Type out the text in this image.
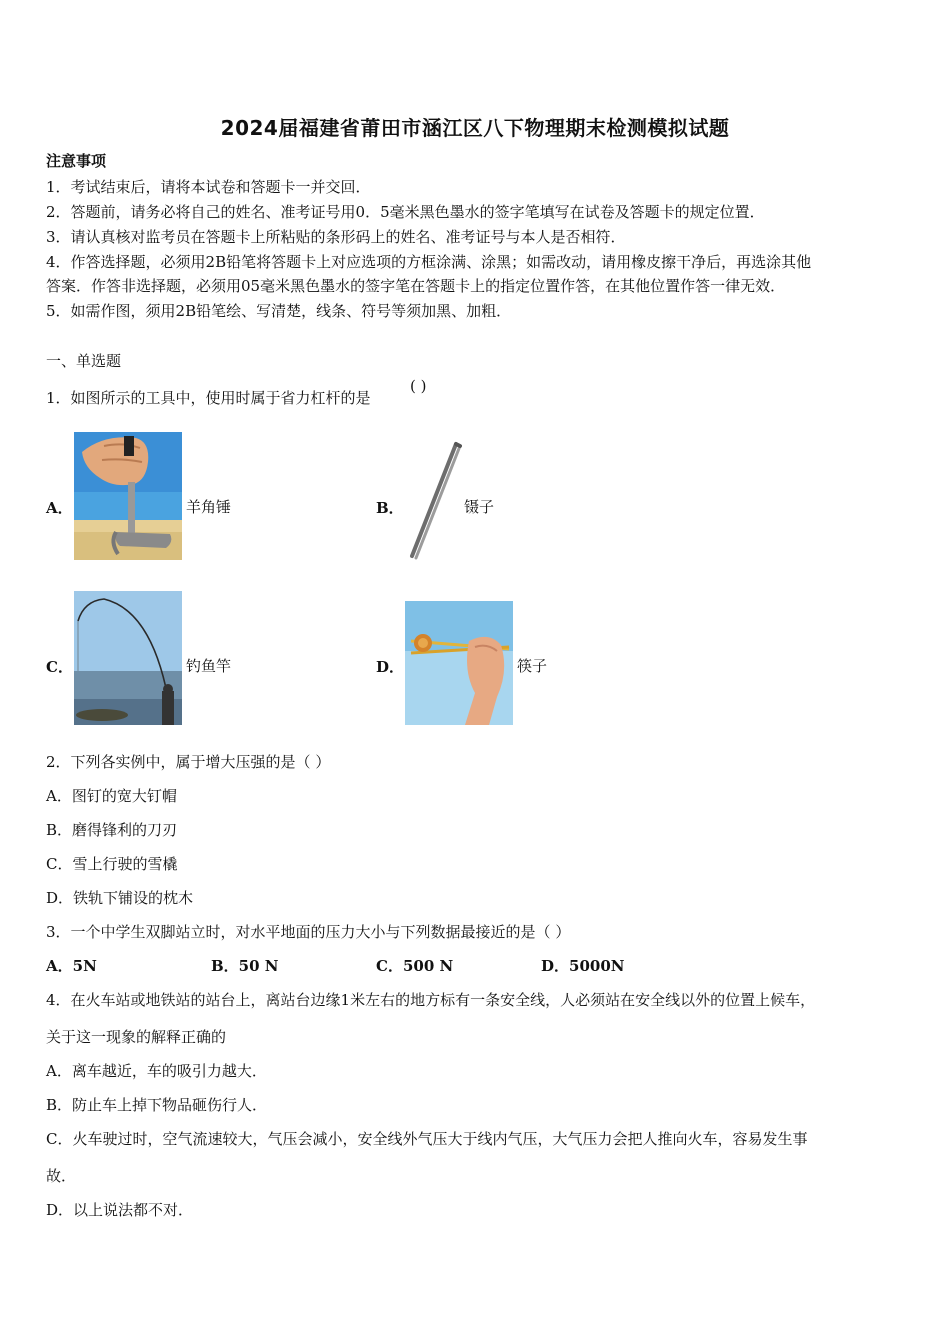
2024届福建省莆田市涵江区八下物理期末检测模拟试题
注意事项
1．考试结束后，请将本试卷和答题卡一并交回．
2．答题前，请务必将自己的姓名、准考证号用0．5毫米黑色墨水的签字笔填写在试卷及答题卡的规定位置．
3．请认真核对监考员在答题卡上所粘贴的条形码上的姓名、准考证号与本人是否相符．
4．作答选择题，必须用2B铅笔将答题卡上对应选项的方框涂满、涂黑；如需改动，请用橡皮擦干净后，再选涂其他
答案．作答非选择题，必须用05毫米黑色墨水的签字笔在答题卡上的指定位置作答，在其他位置作答一律无效．
5．如需作图，须用2B铅笔绘、写清楚，线条、符号等须加黑、加粗．
一、单选题
1．如图所示的工具中，使用时属于省力杠杆的是
( )
A．	羊角锤	B．	镊子
C．	钓鱼竿	D．	筷子
2．下列各实例中，属于增大压强的是（ ）
A．图钉的宽大钉帽
B．磨得锋利的刀刃
C．雪上行驶的雪橇
D．铁轨下铺设的枕木
3．一个中学生双脚站立时，对水平地面的压力大小与下列数据最接近的是（ ）
A．5N	B．50 N	C．500 N	D．5000N
4．在火车站或地铁站的站台上，离站台边缘1米左右的地方标有一条安全线，人必须站在安全线以外的位置上候车，
关于这一现象的解释正确的
A．离车越近，车的吸引力越大．
B．防止车上掉下物品砸伤行人．
C．火车驶过时，空气流速较大，气压会减小，安全线外气压大于线内气压，大气压力会把人推向火车，容易发生事
故．
D．以上说法都不对．
